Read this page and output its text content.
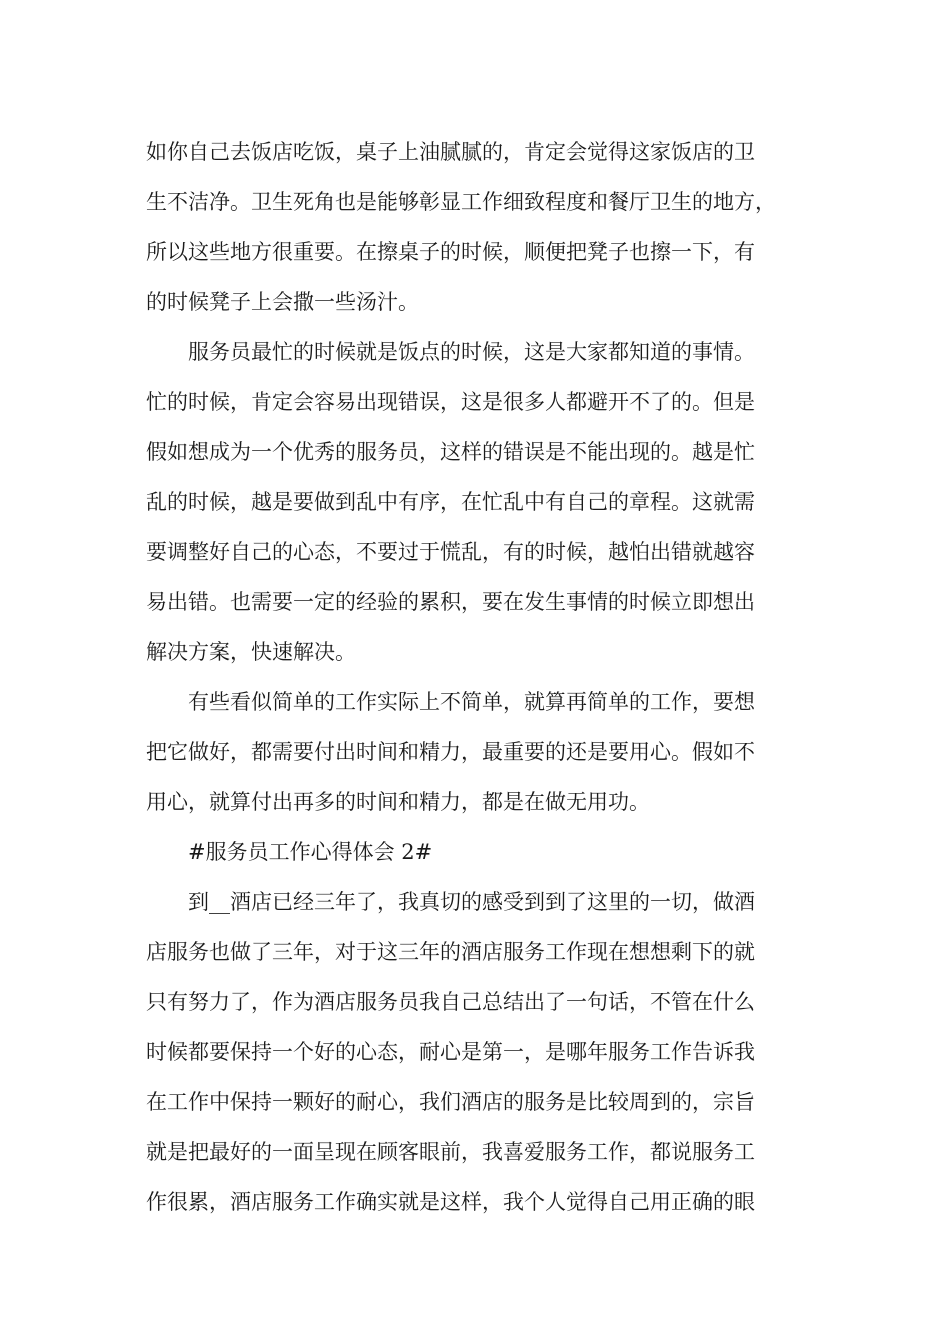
如你自己去饭店吃饭，桌子上油腻腻的，肯定会觉得这家饭店的卫
生不洁净。卫生死角也是能够彰显工作细致程度和餐厅卫生的地方，
所以这些地方很重要。在擦桌子的时候，顺便把凳子也擦一下，有
的时候凳子上会撒一些汤汁。
服务员最忙的时候就是饭点的时候，这是大家都知道的事情。
忙的时候，肯定会容易出现错误，这是很多人都避开不了的。但是
假如想成为一个优秀的服务员，这样的错误是不能出现的。越是忙
乱的时候，越是要做到乱中有序，在忙乱中有自己的章程。这就需
要调整好自己的心态，不要过于慌乱，有的时候，越怕出错就越容
易出错。也需要一定的经验的累积，要在发生事情的时候立即想出
解决方案，快速解决。
有些看似简单的工作实际上不简单，就算再简单的工作，要想
把它做好，都需要付出时间和精力，最重要的还是要用心。假如不
用心，就算付出再多的时间和精力，都是在做无用功。
#服务员工作心得体会 2#
到__酒店已经三年了，我真切的感受到到了这里的一切，做酒
店服务也做了三年，对于这三年的酒店服务工作现在想想剩下的就
只有努力了，作为酒店服务员我自己总结出了一句话，不管在什么
时候都要保持一个好的心态，耐心是第一，是哪年服务工作告诉我
在工作中保持一颗好的耐心，我们酒店的服务是比较周到的，宗旨
就是把最好的一面呈现在顾客眼前，我喜爱服务工作，都说服务工
作很累，酒店服务工作确实就是这样，我个人觉得自己用正确的眼
